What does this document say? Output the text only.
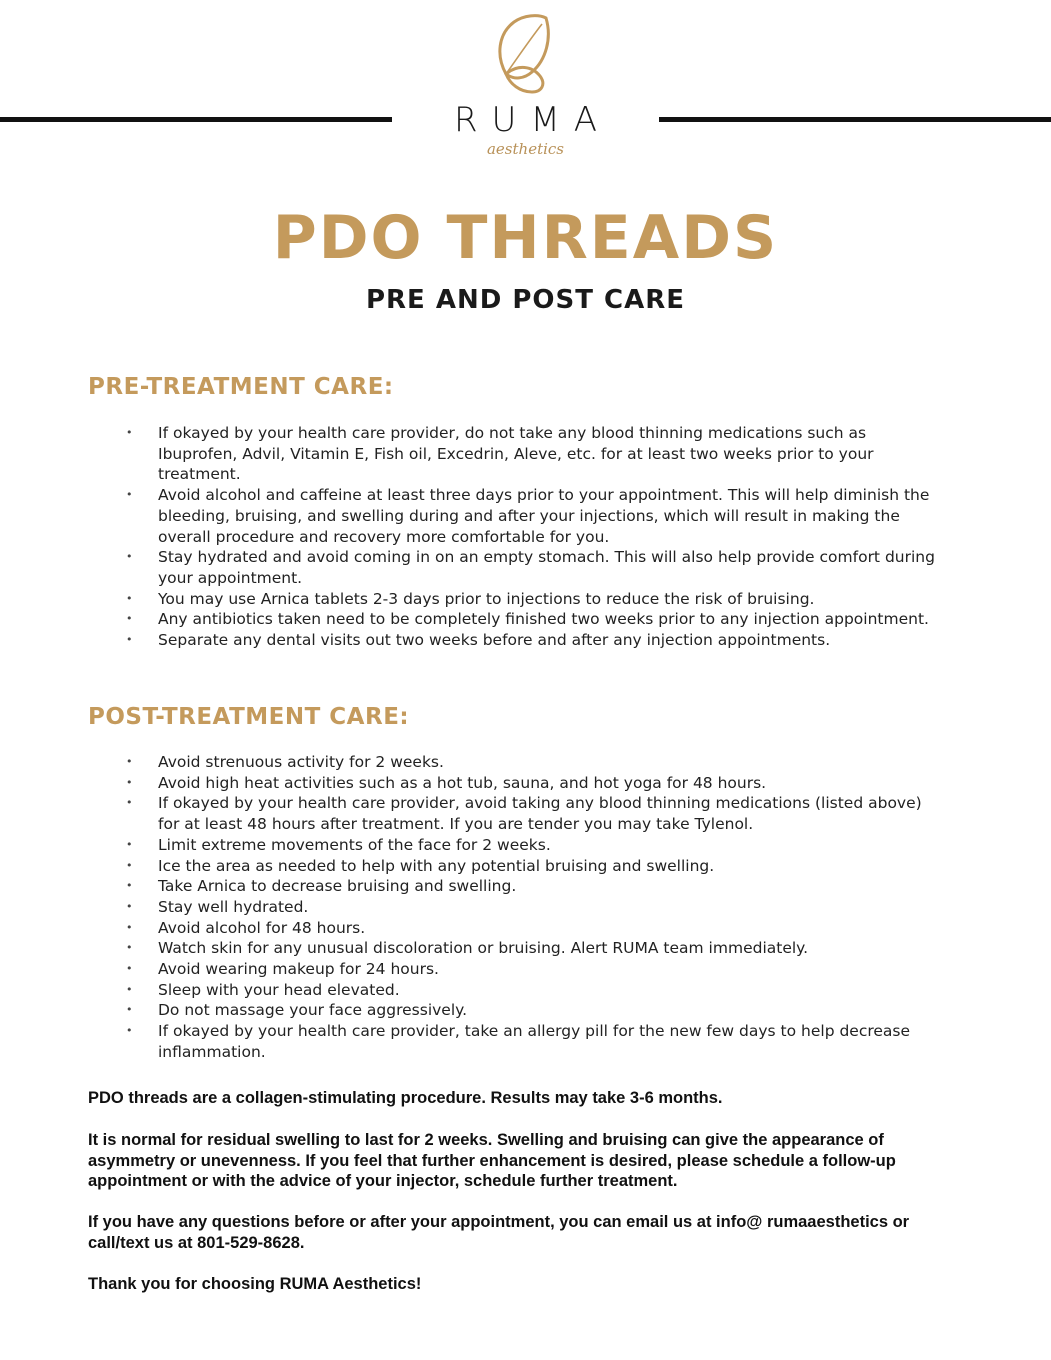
RUMA
aesthetics
PDO THREADS
PRE AND POST CARE
PRE-TREATMENT CARE:
• If okayed by your health care provider, do not take any blood thinning medications such as Ibuprofen, Advil, Vitamin E, Fish oil, Excedrin, Aleve, etc. for at least two weeks prior to your treatment.
• Avoid alcohol and caffeine at least three days prior to your appointment. This will help diminish the bleeding, bruising, and swelling during and after your injections, which will result in making the overall procedure and recovery more comfortable for you.
• Stay hydrated and avoid coming in on an empty stomach. This will also help provide comfort during your appointment.
• You may use Arnica tablets 2-3 days prior to injections to reduce the risk of bruising.
• Any antibiotics taken need to be completely finished two weeks prior to any injection appointment.
• Separate any dental visits out two weeks before and after any injection appointments.
POST-TREATMENT CARE:
• Avoid strenuous activity for 2 weeks.
• Avoid high heat activities such as a hot tub, sauna, and hot yoga for 48 hours.
• If okayed by your health care provider, avoid taking any blood thinning medications (listed above) for at least 48 hours after treatment. If you are tender you may take Tylenol.
• Limit extreme movements of the face for 2 weeks.
• Ice the area as needed to help with any potential bruising and swelling.
• Take Arnica to decrease bruising and swelling.
• Stay well hydrated.
• Avoid alcohol for 48 hours.
• Watch skin for any unusual discoloration or bruising. Alert RUMA team immediately.
• Avoid wearing makeup for 24 hours.
• Sleep with your head elevated.
• Do not massage your face aggressively.
• If okayed by your health care provider, take an allergy pill for the new few days to help decrease inflammation.

PDO threads are a collagen-stimulating procedure. Results may take 3-6 months.

It is normal for residual swelling to last for 2 weeks. Swelling and bruising can give the appearance of asymmetry or unevenness. If you feel that further enhancement is desired, please schedule a follow-up appointment or with the advice of your injector, schedule further treatment.

If you have any questions before or after your appointment, you can email us at info@ rumaaesthetics or call/text us at 801-529-8628.

Thank you for choosing RUMA Aesthetics!
